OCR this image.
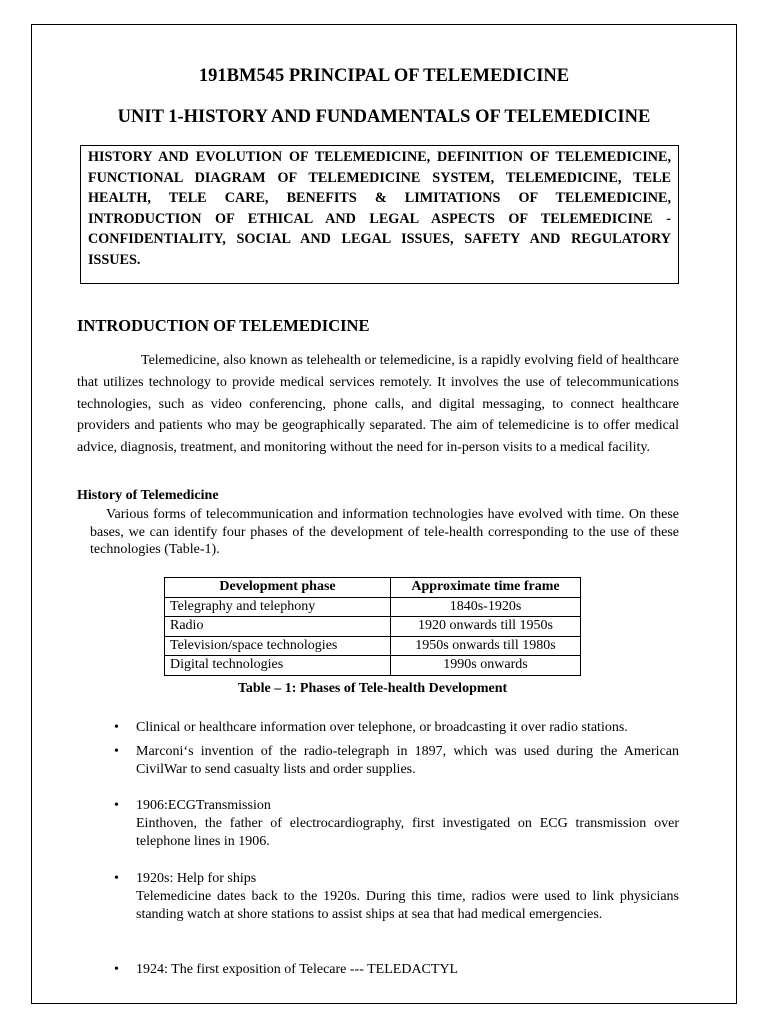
191BM545 PRINCIPAL OF TELEMEDICINE
UNIT 1-HISTORY AND FUNDAMENTALS OF TELEMEDICINE

HISTORY AND EVOLUTION OF TELEMEDICINE, DEFINITION OF TELEMEDICINE, FUNCTIONAL DIAGRAM OF TELEMEDICINE SYSTEM, TELEMEDICINE, TELE HEALTH, TELE CARE, BENEFITS & LIMITATIONS OF TELEMEDICINE, INTRODUCTION OF ETHICAL AND LEGAL ASPECTS OF TELEMEDICINE - CONFIDENTIALITY, SOCIAL AND LEGAL ISSUES, SAFETY AND REGULATORY ISSUES.

INTRODUCTION OF TELEMEDICINE

Telemedicine, also known as telehealth or telemedicine, is a rapidly evolving field of healthcare that utilizes technology to provide medical services remotely. It involves the use of telecommunications technologies, such as video conferencing, phone calls, and digital messaging, to connect healthcare providers and patients who may be geographically separated. The aim of telemedicine is to offer medical advice, diagnosis, treatment, and monitoring without the need for in-person visits to a medical facility.

History of Telemedicine

Various forms of telecommunication and information technologies have evolved with time. On these bases, we can identify four phases of the development of tele-health corresponding to the use of these technologies (Table-1).

Development phase	Approximate time frame
Telegraphy and telephony	1840s-1920s
Radio	1920 onwards till 1950s
Television/space technologies	1950s onwards till 1980s
Digital technologies	1990s onwards

Table – 1: Phases of Tele-health Development

• Clinical or healthcare information over telephone, or broadcasting it over radio stations.
• Marconi‘s invention of the radio-telegraph in 1897, which was used during the American CivilWar to send casualty lists and order supplies.
• 1906:ECGTransmission
Einthoven, the father of electrocardiography, first investigated on ECG transmission over telephone lines in 1906.
• 1920s: Help for ships
Telemedicine dates back to the 1920s. During this time, radios were used to link physicians standing watch at shore stations to assist ships at sea that had medical emergencies.
• 1924: The first exposition of Telecare --- TELEDACTYL
